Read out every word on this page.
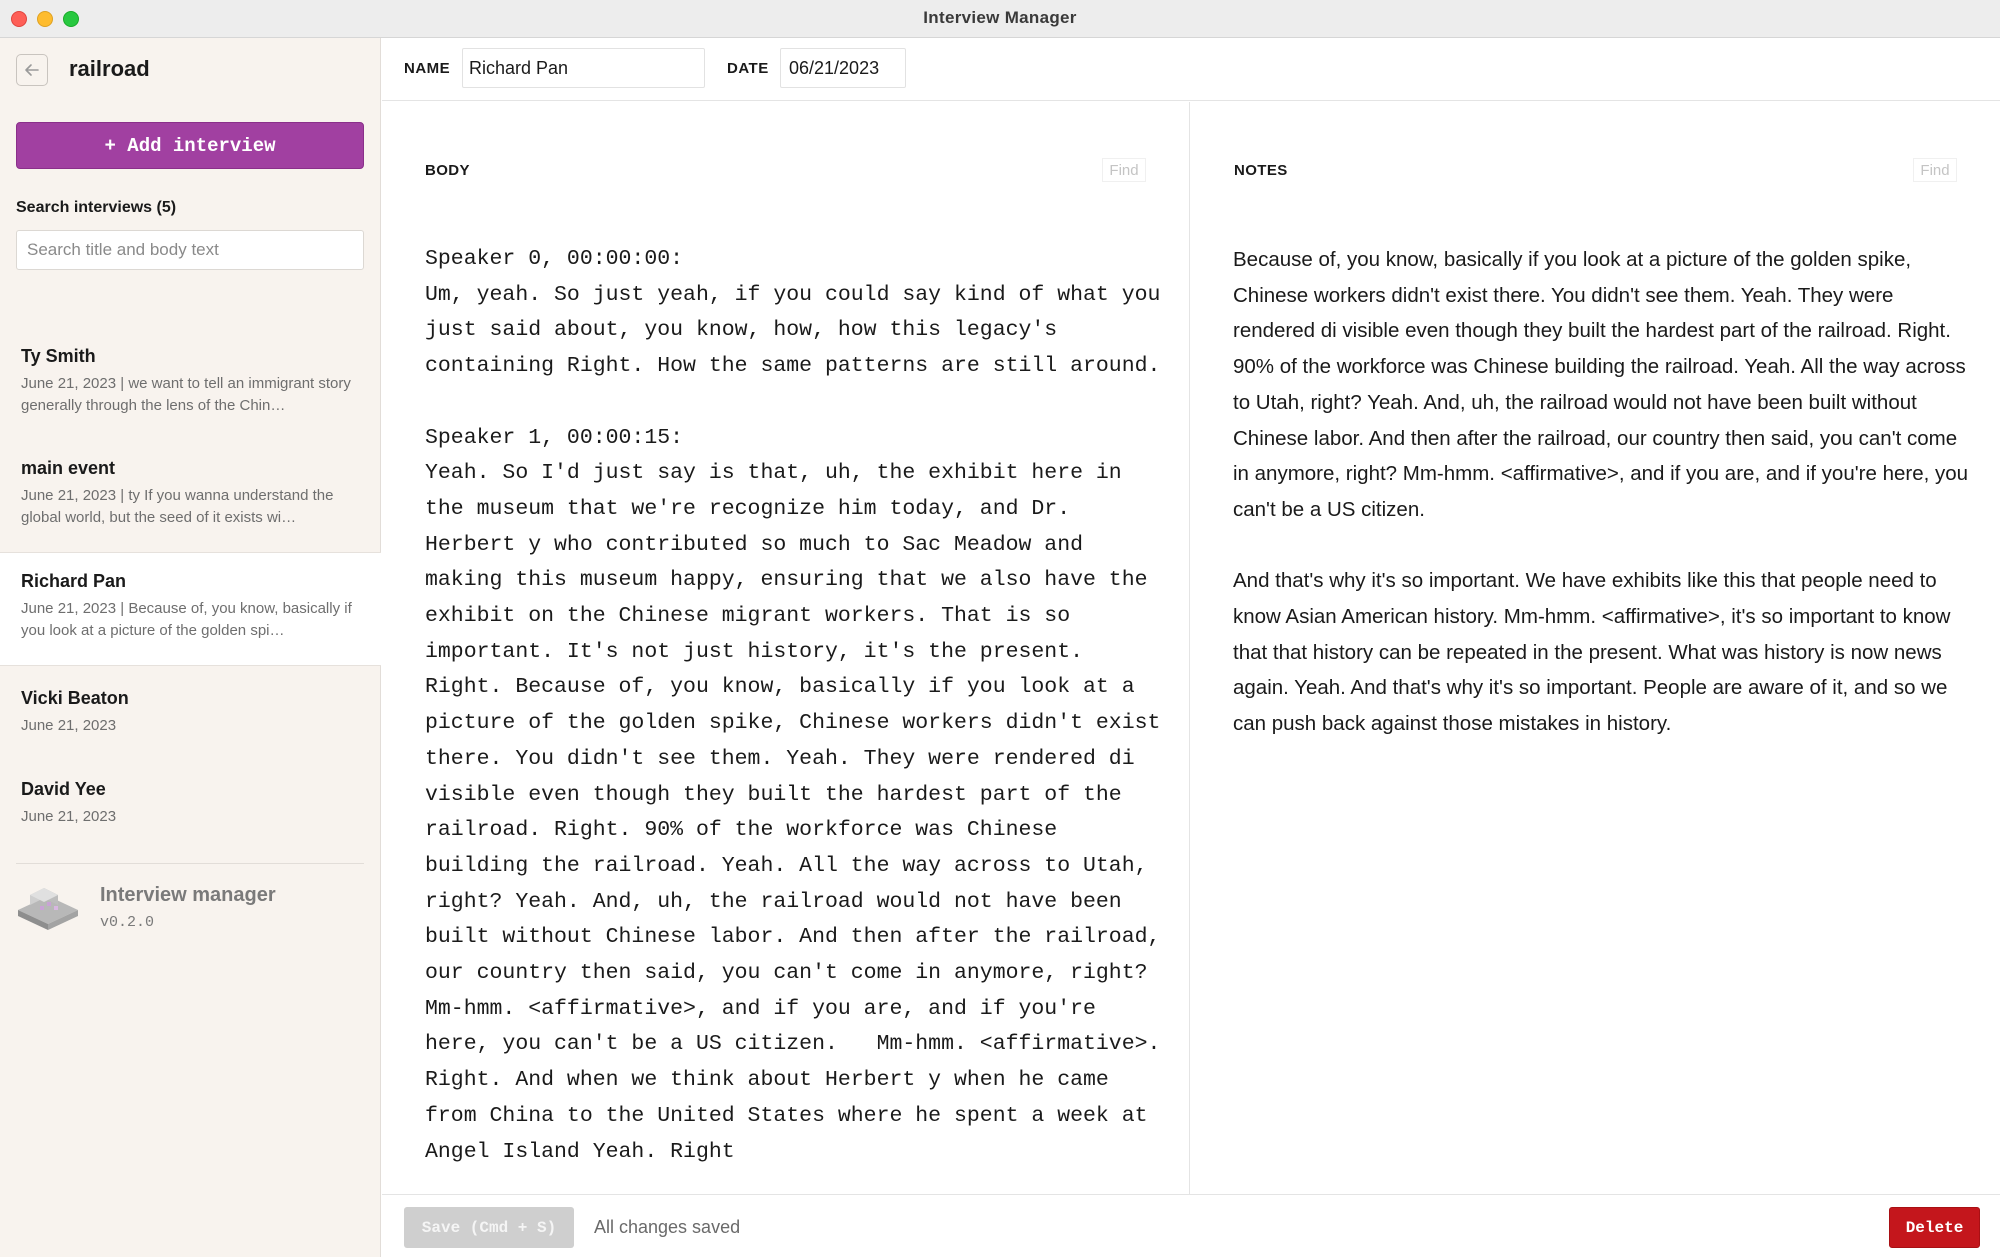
Interview Manager
railroad
+ Add interview
Search interviews (5)
Search title and body text
Ty Smith
June 21, 2023 | we want to tell an immigrant story generally through the lens of the Chin…
main event
June 21, 2023 | ty If you wanna understand the global world, but the seed of it exists wi…
Richard Pan
June 21, 2023 | Because of, you know, basically if you look at a picture of the golden spi…
Vicki Beaton
June 21, 2023
David Yee
June 21, 2023
Interview manager
v0.2.0
NAME
Richard Pan	DATE
06/21/2023
BODY	Find
Speaker 0, 00:00:00:
Um, yeah. So just yeah, if you could say kind of what you just said about, you know, how, how this legacy's containing Right. How the same patterns are still around.

Speaker 1, 00:00:15:
Yeah. So I'd just say is that, uh, the exhibit here in the museum that we're recognize him today, and Dr. Herbert y who contributed so much to Sac Meadow and making this museum happy, ensuring that we also have the exhibit on the Chinese migrant workers. That is so important. It's not just history, it's the present. Right. Because of, you know, basically if you look at a picture of the golden spike, Chinese workers didn't exist there. You didn't see them. Yeah. They were rendered di visible even though they built the hardest part of the railroad. Right. 90% of the workforce was Chinese building the railroad. Yeah. All the way across to Utah, right? Yeah. And, uh, the railroad would not have been built without Chinese labor. And then after the railroad, our country then said, you can't come in anymore, right? Mm-hmm. <affirmative>, and if you are, and if you're here, you can't be a US citizen.   Mm-hmm. <affirmative>. Right. And when we think about Herbert y when he came from China to the United States where he spent a week at Angel Island Yeah. Right
NOTES	Find
Because of, you know, basically if you look at a picture of the golden spike, Chinese workers didn't exist there. You didn't see them. Yeah. They were rendered di visible even though they built the hardest part of the railroad. Right. 90% of the workforce was Chinese building the railroad. Yeah. All the way across to Utah, right? Yeah. And, uh, the railroad would not have been built without Chinese labor. And then after the railroad, our country then said, you can't come in anymore, right? Mm-hmm. <affirmative>, and if you are, and if you're here, you can't be a US citizen.

And that's why it's so important. We have exhibits like this that people need to know Asian American history. Mm-hmm. <affirmative>, it's so important to know that that history can be repeated in the present. What was history is now news again. Yeah. And that's why it's so important. People are aware of it, and so we can push back against those mistakes in history.
Save (Cmd + S)	All changes saved	Delete
